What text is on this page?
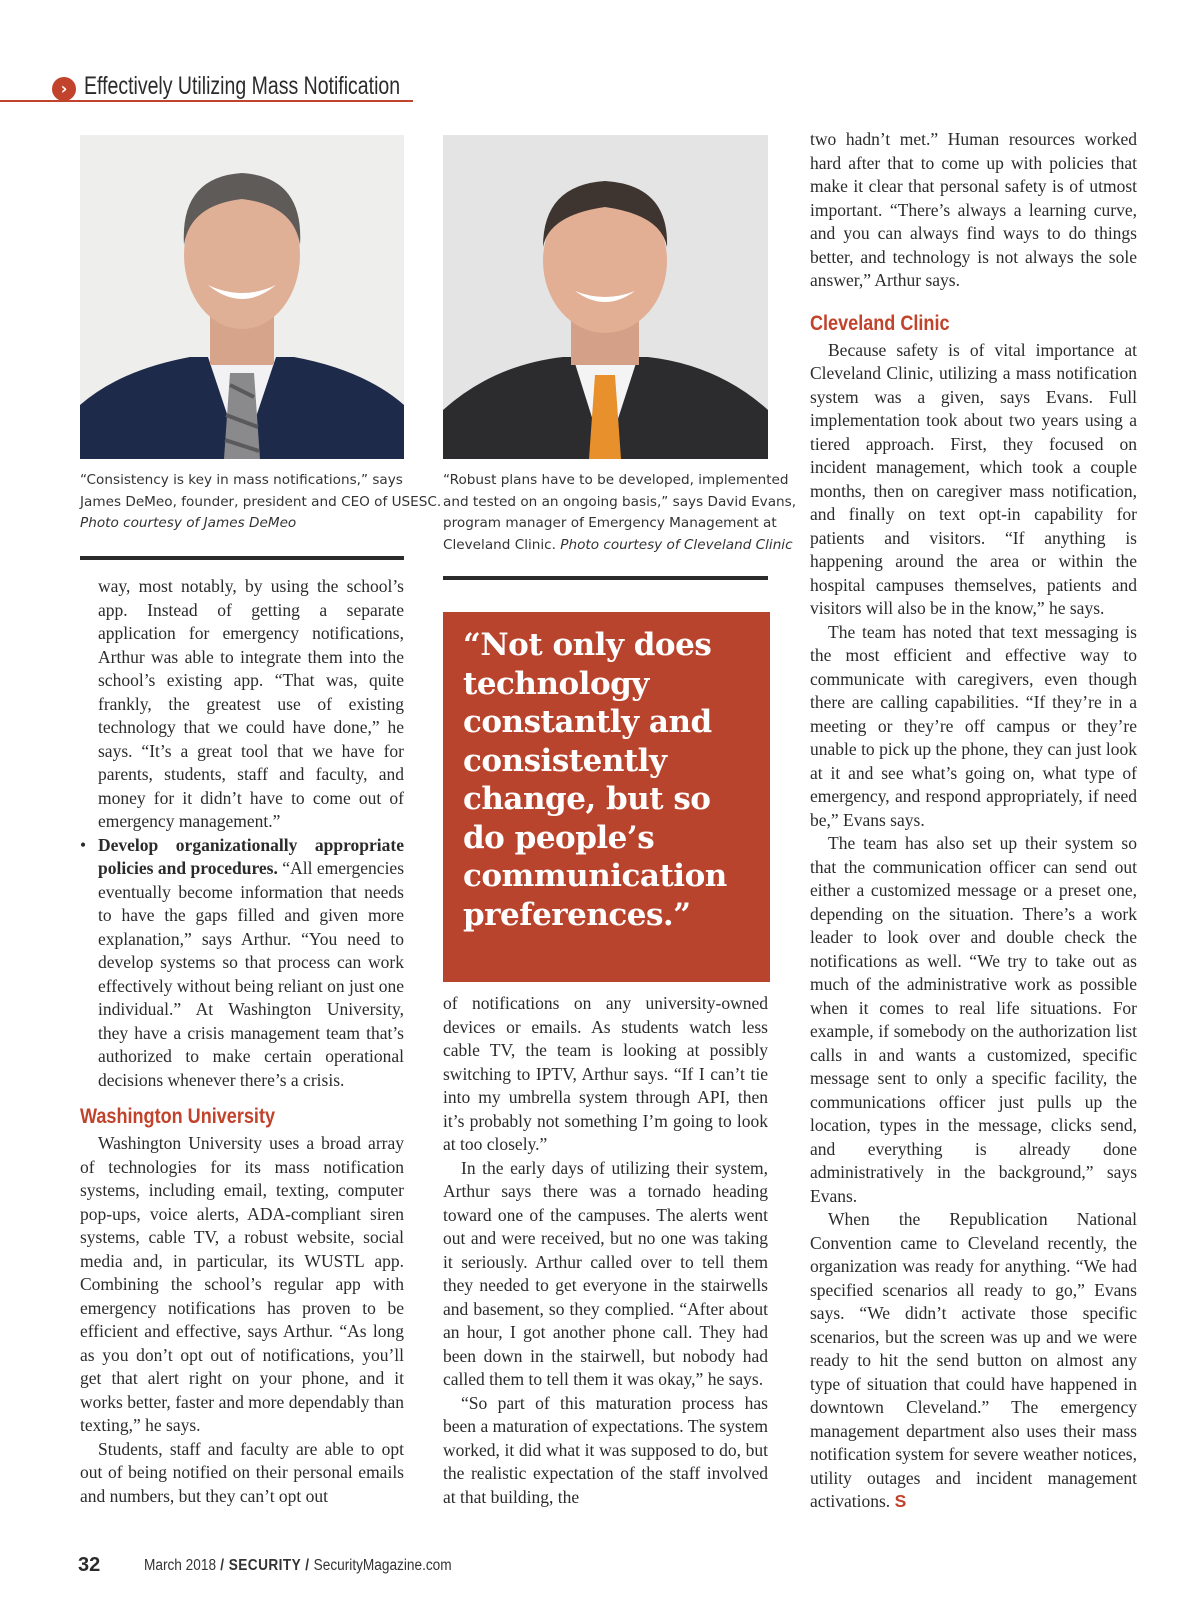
› Effectively Utilizing Mass Notification
“Consistency is key in mass notifications,” says
James DeMeo, founder, president and CEO of USESC.
Photo courtesy of James DeMeo
“Robust plans have to be developed, implemented
and tested on an ongoing basis,” says David Evans,
program manager of Emergency Management at
Cleveland Clinic. Photo courtesy of Cleveland Clinic

way, most notably, by using the school’s app. Instead of getting a separate application for emergency notifications, Arthur was able to integrate them into the school’s existing app. “That was, quite frankly, the greatest use of existing technology that we could have done,” he says. “It’s a great tool that we have for parents, students, staff and faculty, and money for it didn’t have to come out of emergency management.”

• Develop organizationally appropriate policies and procedures. “All emergencies eventually become information that needs to have the gaps filled and given more explanation,” says Arthur. “You need to develop systems so that process can work effectively without being reliant on just one individual.” At Washington University, they have a crisis management team that’s authorized to make certain operational decisions whenever there’s a crisis.

Washington University

Washington University uses a broad array of technologies for its mass notification systems, including email, texting, computer pop-ups, voice alerts, ADA-compliant siren systems, cable TV, a robust website, social media and, in particular, its WUSTL app. Combining the school’s regular app with emergency notifications has proven to be efficient and effective, says Arthur. “As long as you don’t opt out of notifications, you’ll get that alert right on your phone, and it works better, faster and more dependably than texting,” he says.

Students, staff and faculty are able to opt out of being notified on their personal emails and numbers, but they can’t opt out

“Not only does technology constantly and consistently change, but so do people’s communication preferences.”

of notifications on any university-owned devices or emails. As students watch less cable TV, the team is looking at possibly switching to IPTV, Arthur says. “If I can’t tie into my umbrella system through API, then it’s probably not something I’m going to look at too closely.”

In the early days of utilizing their system, Arthur says there was a tornado heading toward one of the campuses. The alerts went out and were received, but no one was taking it seriously. Arthur called over to tell them they needed to get everyone in the stairwells and basement, so they complied. “After about an hour, I got another phone call. They had been down in the stairwell, but nobody had called them to tell them it was okay,” he says.

“So part of this maturation process has been a maturation of expectations. The system worked, it did what it was supposed to do, but the realistic expectation of the staff involved at that building, the

two hadn’t met.” Human resources worked hard after that to come up with policies that make it clear that personal safety is of utmost important. “There’s always a learning curve, and you can always find ways to do things better, and technology is not always the sole answer,” Arthur says.

Cleveland Clinic

Because safety is of vital importance at Cleveland Clinic, utilizing a mass notification system was a given, says Evans. Full implementation took about two years using a tiered approach. First, they focused on incident management, which took a couple months, then on caregiver mass notification, and finally on text opt-in capability for patients and visitors. “If anything is happening around the area or within the hospital campuses themselves, patients and visitors will also be in the know,” he says.

The team has noted that text messaging is the most efficient and effective way to communicate with caregivers, even though there are calling capabilities. “If they’re in a meeting or they’re off campus or they’re unable to pick up the phone, they can just look at it and see what’s going on, what type of emergency, and respond appropriately, if need be,” Evans says.

The team has also set up their system so that the communication officer can send out either a customized message or a preset one, depending on the situation. There’s a work leader to look over and double check the notifications as well. “We try to take out as much of the administrative work as possible when it comes to real life situations. For example, if somebody on the authorization list calls in and wants a customized, specific message sent to only a specific facility, the communications officer just pulls up the location, types in the message, clicks send, and everything is already done administratively in the background,” says Evans.

When the Republication National Convention came to Cleveland recently, the organization was ready for anything. “We had specified scenarios all ready to go,” Evans says. “We didn’t activate those specific scenarios, but the screen was up and we were ready to hit the send button on almost any type of situation that could have happened in downtown Cleveland.” The emergency management department also uses their mass notification system for severe weather notices, utility outages and incident management activations. S

32	March 2018 / SECURITY / SecurityMagazine.com
